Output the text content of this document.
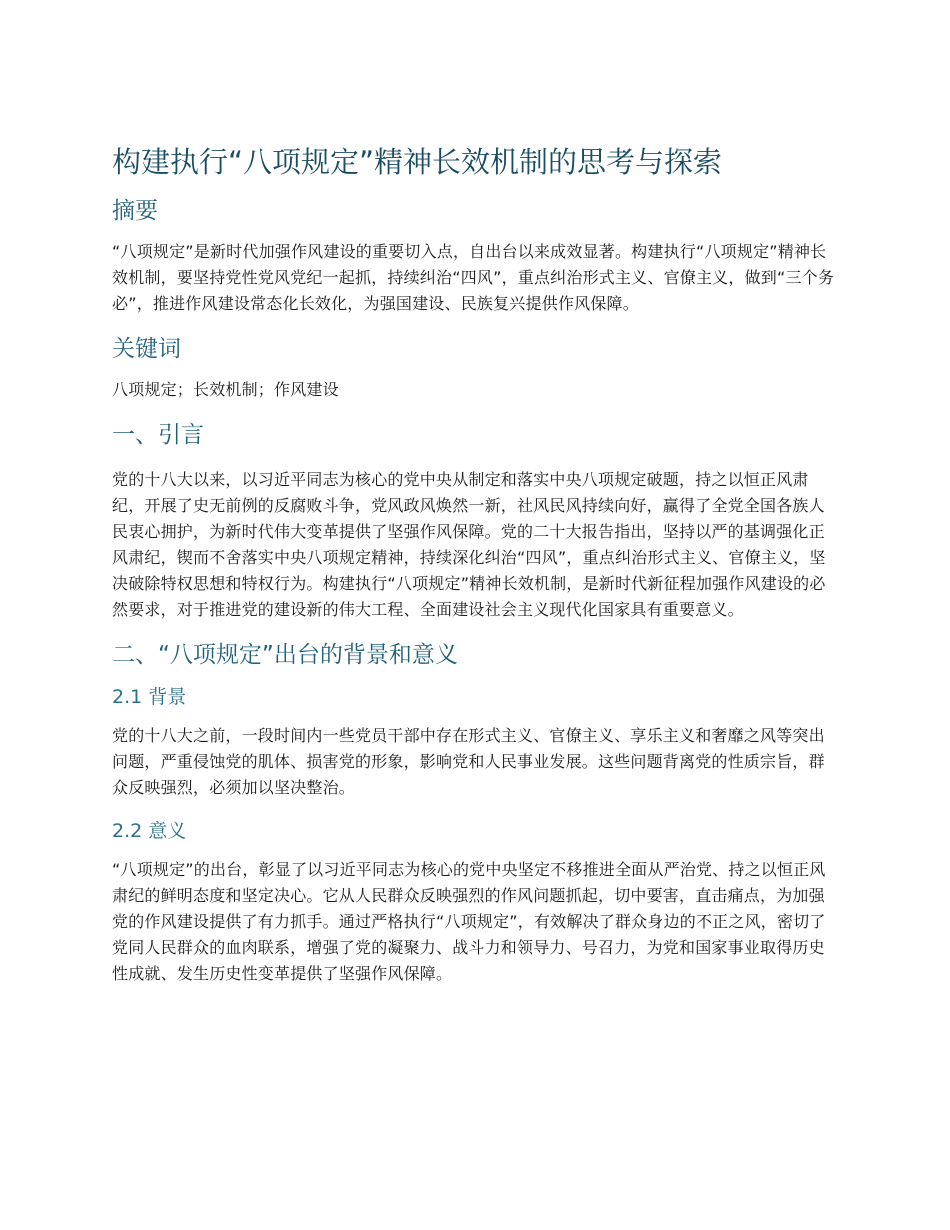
构建执行“八项规定”精神长效机制的思考与探索
摘要

“八项规定”是新时代加强作风建设的重要切入点，自出台以来成效显著。构建执行“八项规定”精神长效机制，要坚持党性党风党纪一起抓，持续纠治“四风”，重点纠治形式主义、官僚主义，做到“三个务必”，推进作风建设常态化长效化，为强国建设、民族复兴提供作风保障。

关键词

八项规定；长效机制；作风建设

一、引言

党的十八大以来，以习近平同志为核心的党中央从制定和落实中央八项规定破题，持之以恒正风肃纪，开展了史无前例的反腐败斗争，党风政风焕然一新，社风民风持续向好，赢得了全党全国各族人民衷心拥护，为新时代伟大变革提供了坚强作风保障。党的二十大报告指出，坚持以严的基调强化正风肃纪，锲而不舍落实中央八项规定精神，持续深化纠治“四风”，重点纠治形式主义、官僚主义，坚决破除特权思想和特权行为。构建执行“八项规定”精神长效机制，是新时代新征程加强作风建设的必然要求，对于推进党的建设新的伟大工程、全面建设社会主义现代化国家具有重要意义。

二、“八项规定”出台的背景和意义
2.1 背景

党的十八大之前，一段时间内一些党员干部中存在形式主义、官僚主义、享乐主义和奢靡之风等突出问题，严重侵蚀党的肌体、损害党的形象，影响党和人民事业发展。这些问题背离党的性质宗旨，群众反映强烈，必须加以坚决整治。

2.2 意义

“八项规定”的出台，彰显了以习近平同志为核心的党中央坚定不移推进全面从严治党、持之以恒正风肃纪的鲜明态度和坚定决心。它从人民群众反映强烈的作风问题抓起，切中要害，直击痛点，为加强党的作风建设提供了有力抓手。通过严格执行“八项规定”，有效解决了群众身边的不正之风，密切了党同人民群众的血肉联系，增强了党的凝聚力、战斗力和领导力、号召力，为党和国家事业取得历史性成就、发生历史性变革提供了坚强作风保障。
